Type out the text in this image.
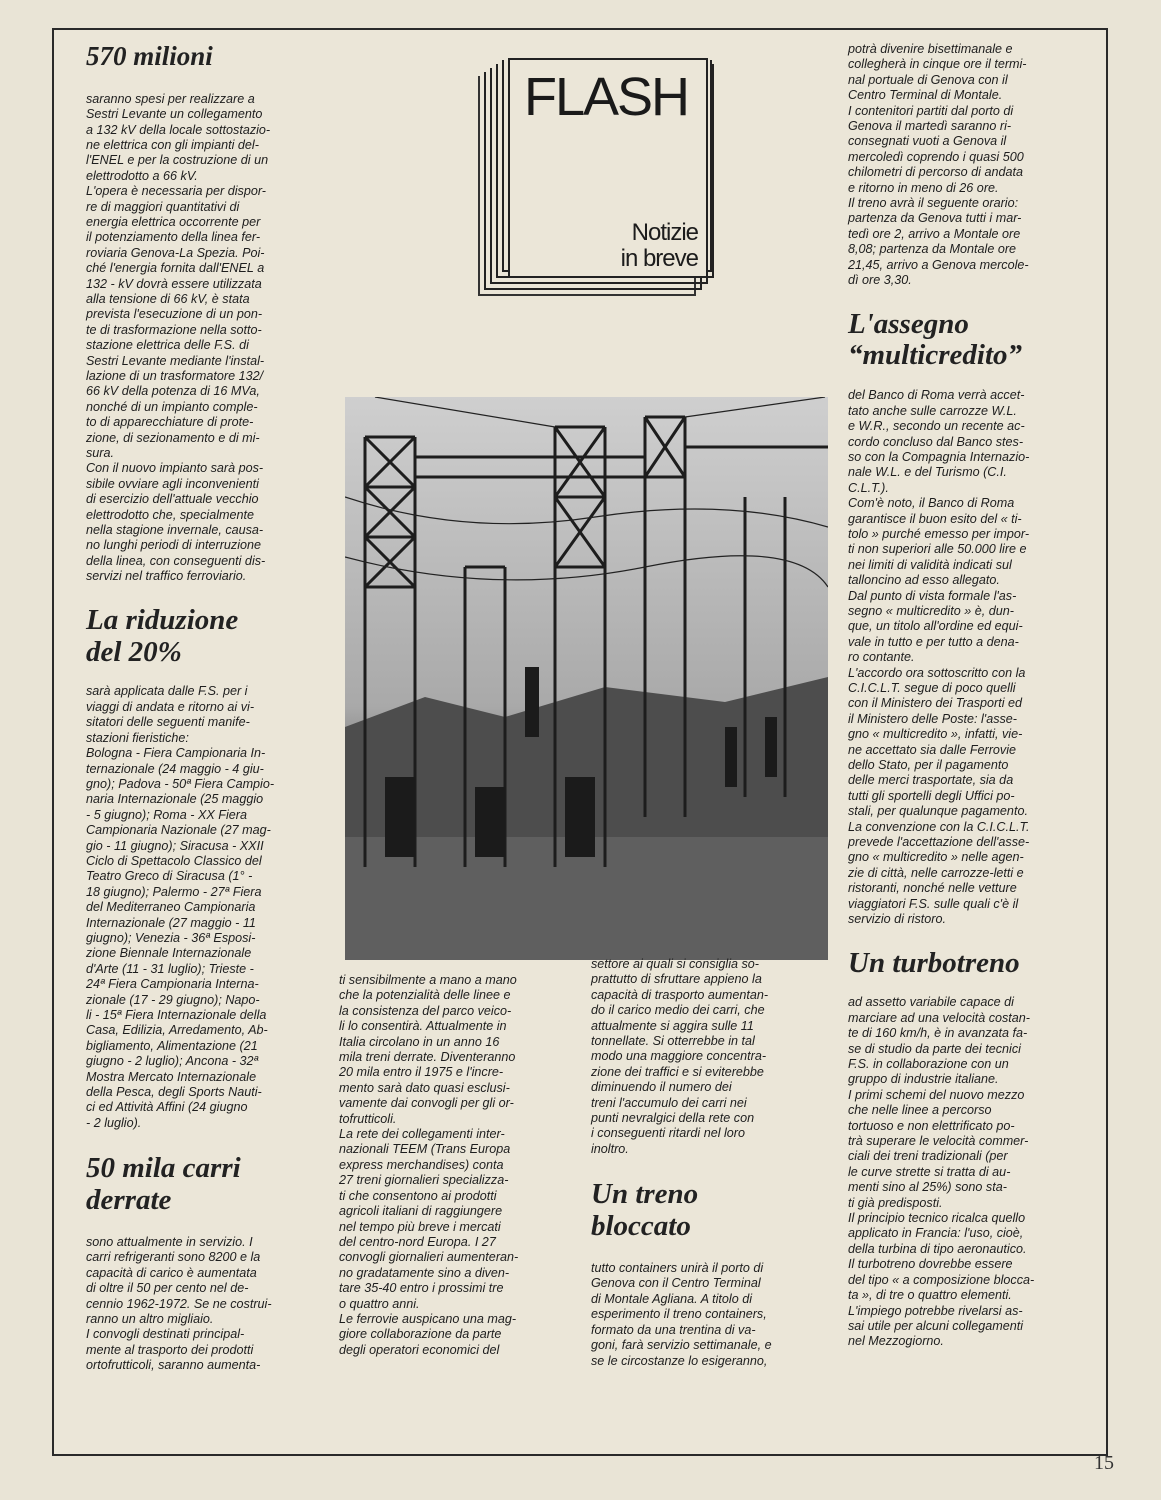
FLASH
Notizie
in breve
570 milioni

saranno spesi per realizzare a
Sestri Levante un collegamento
a 132 kV della locale sottostazio-
ne elettrica con gli impianti del-
l'ENEL e per la costruzione di un
elettrodotto a 66 kV.
L'opera è necessaria per dispor-
re di maggiori quantitativi di
energia elettrica occorrente per
il potenziamento della linea fer-
roviaria Genova-La Spezia. Poi-
ché l'energia fornita dall'ENEL a
132 - kV dovrà essere utilizzata
alla tensione di 66 kV, è stata
prevista l'esecuzione di un pon-
te di trasformazione nella sotto-
stazione elettrica delle F.S. di
Sestri Levante mediante l'instal-
lazione di un trasformatore 132/
66 kV della potenza di 16 MVa,
nonché di un impianto comple-
to di apparecchiature di prote-
zione, di sezionamento e di mi-
sura.
Con il nuovo impianto sarà pos-
sibile ovviare agli inconvenienti
di esercizio dell'attuale vecchio
elettrodotto che, specialmente
nella stagione invernale, causa-
no lunghi periodi di interruzione
della linea, con conseguenti dis-
servizi nel traffico ferroviario.

La riduzione
del 20%

sarà applicata dalle F.S. per i
viaggi di andata e ritorno ai vi-
sitatori delle seguenti manife-
stazioni fieristiche:
Bologna - Fiera Campionaria In-
ternazionale (24 maggio - 4 giu-
gno); Padova - 50ª Fiera Campio-
naria Internazionale (25 maggio
- 5 giugno); Roma - XX Fiera
Campionaria Nazionale (27 mag-
gio - 11 giugno); Siracusa - XXII
Ciclo di Spettacolo Classico del
Teatro Greco di Siracusa (1° -
18 giugno); Palermo - 27ª Fiera
del Mediterraneo Campionaria
Internazionale (27 maggio - 11
giugno); Venezia - 36ª Esposi-
zione Biennale Internazionale
d'Arte (11 - 31 luglio); Trieste -
24ª Fiera Campionaria Interna-
zionale (17 - 29 giugno); Napo-
li - 15ª Fiera Internazionale della
Casa, Edilizia, Arredamento, Ab-
bigliamento, Alimentazione (21
giugno - 2 luglio); Ancona - 32ª
Mostra Mercato Internazionale
della Pesca, degli Sports Nauti-
ci ed Attività Affini (24 giugno
- 2 luglio).

50 mila carri
derrate

sono attualmente in servizio. I
carri refrigeranti sono 8200 e la
capacità di carico è aumentata
di oltre il 50 per cento nel de-
cennio 1962-1972. Se ne costrui-
ranno un altro migliaio.
I convogli destinati principal-
mente al trasporto dei prodotti
ortofrutticoli, saranno aumenta-

ti sensibilmente a mano a mano
che la potenzialità delle linee e
la consistenza del parco veico-
li lo consentirà. Attualmente in
Italia circolano in un anno 16
mila treni derrate. Diventeranno
20 mila entro il 1975 e l'incre-
mento sarà dato quasi esclusi-
vamente dai convogli per gli or-
tofrutticoli.
La rete dei collegamenti inter-
nazionali TEEM (Trans Europa
express merchandises) conta
27 treni giornalieri specializza-
ti che consentono ai prodotti
agricoli italiani di raggiungere
nel tempo più breve i mercati
del centro-nord Europa. I 27
convogli giornalieri aumenteran-
no gradatamente sino a diven-
tare 35-40 entro i prossimi tre
o quattro anni.
Le ferrovie auspicano una mag-
giore collaborazione da parte
degli operatori economici del

settore ai quali si consiglia so-
prattutto di sfruttare appieno la
capacità di trasporto aumentan-
do il carico medio dei carri, che
attualmente si aggira sulle 11
tonnellate. Si otterrebbe in tal
modo una maggiore concentra-
zione dei traffici e si eviterebbe
diminuendo il numero dei
treni l'accumulo dei carri nei
punti nevralgici della rete con
i conseguenti ritardi nel loro
inoltro.

Un treno
bloccato

tutto containers unirà il porto di
Genova con il Centro Terminal
di Montale Agliana. A titolo di
esperimento il treno containers,
formato da una trentina di va-
goni, farà servizio settimanale, e
se le circostanze lo esigeranno,

potrà divenire bisettimanale e
collegherà in cinque ore il termi-
nal portuale di Genova con il
Centro Terminal di Montale.
I contenitori partiti dal porto di
Genova il martedì saranno ri-
consegnati vuoti a Genova il
mercoledì coprendo i quasi 500
chilometri di percorso di andata
e ritorno in meno di 26 ore.
Il treno avrà il seguente orario:
partenza da Genova tutti i mar-
tedì ore 2, arrivo a Montale ore
8,08; partenza da Montale ore
21,45, arrivo a Genova mercole-
dì ore 3,30.

L'assegno
“multicredito”

del Banco di Roma verrà accet-
tato anche sulle carrozze W.L.
e W.R., secondo un recente ac-
cordo concluso dal Banco stes-
so con la Compagnia Internazio-
nale W.L. e del Turismo (C.I.
C.L.T.).
Com'è noto, il Banco di Roma
garantisce il buon esito del « ti-
tolo » purché emesso per impor-
ti non superiori alle 50.000 lire e
nei limiti di validità indicati sul
talloncino ad esso allegato.
Dal punto di vista formale l'as-
segno « multicredito » è, dun-
que, un titolo all'ordine ed equi-
vale in tutto e per tutto a dena-
ro contante.
L'accordo ora sottoscritto con la
C.I.C.L.T. segue di poco quelli
con il Ministero dei Trasporti ed
il Ministero delle Poste: l'asse-
gno « multicredito », infatti, vie-
ne accettato sia dalle Ferrovie
dello Stato, per il pagamento
delle merci trasportate, sia da
tutti gli sportelli degli Uffici po-
stali, per qualunque pagamento.
La convenzione con la C.I.C.L.T.
prevede l'accettazione dell'asse-
gno « multicredito » nelle agen-
zie di città, nelle carrozze-letti e
ristoranti, nonché nelle vetture
viaggiatori F.S. sulle quali c'è il
servizio di ristoro.

Un turbotreno

ad assetto variabile capace di
marciare ad una velocità costan-
te di 160 km/h, è in avanzata fa-
se di studio da parte dei tecnici
F.S. in collaborazione con un
gruppo di industrie italiane.
I primi schemi del nuovo mezzo
che nelle linee a percorso
tortuoso e non elettrificato po-
trà superare le velocità commer-
ciali dei treni tradizionali (per
le curve strette si tratta di au-
menti sino al 25%) sono sta-
ti già predisposti.
Il principio tecnico ricalca quello
applicato in Francia: l'uso, cioè,
della turbina di tipo aeronautico.
Il turbotreno dovrebbe essere
del tipo « a composizione blocca-
ta », di tre o quattro elementi.
L'impiego potrebbe rivelarsi as-
sai utile per alcuni collegamenti
nel Mezzogiorno.

15
